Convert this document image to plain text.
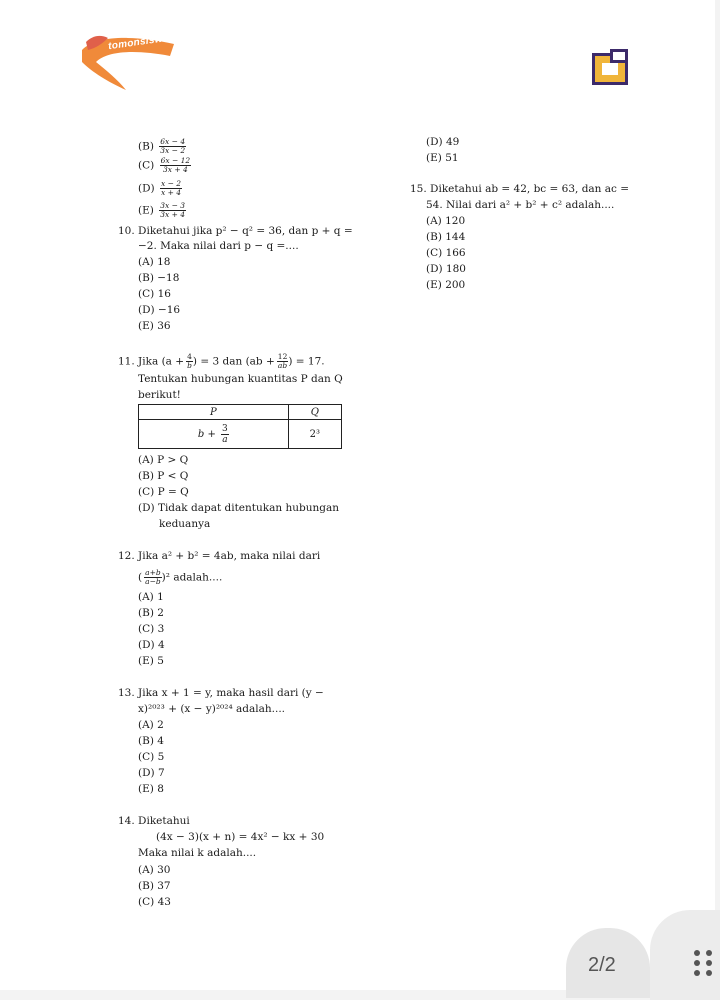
tomonsiswo
$(B) \frac{6x - 4}{3x - 2}$
$(C) \frac{6x - 12}{3x + 4}$
$(D) \frac{x - 2}{x + 4}$
$(E) \frac{3x - 3}{3x + 4}$
10. Diketahui jika p² − q² = 36, dan p + q =
−2. Maka nilai dari p − q =....
(A) 18
(B) −18
(C) 16
(D) −16
(E) 36
11. Jika ($a + \frac{4}{b}$ ) = 3 dan ($ab + \frac{12}{ab}$ ) = 17.
Tentukan hubungan kuantitas P dan Q
berikut!
P	Q
$b + \frac{3}{a}$	2³
(A) P > Q
(B) P < Q
(C) P = Q
(D) Tidak dapat ditentukan hubungan
keduanya
12. Jika a² + b² = 4ab, maka nilai dari
( $\frac{a+b}{a-b} )^2$ adalah....
(A) 1
(B) 2
(C) 3
(D) 4
(E) 5
13. Jika x + 1 = y, maka hasil dari (y −
x)²⁰²³ + (x − y)²⁰²⁴ adalah....
(A) 2
(B) 4
(C) 5
(D) 7
(E) 8
14. Diketahui
(4x − 3)(x + n) = 4x² − kx + 30
Maka nilai k adalah....
(A) 30
(B) 37
(C) 43
(D) 49
(E) 51
15. Diketahui ab = 42, bc = 63, dan ac =
54. Nilai dari a² + b² + c² adalah....
(A) 120
(B) 144
(C) 166
(D) 180
(E) 200
2/2
